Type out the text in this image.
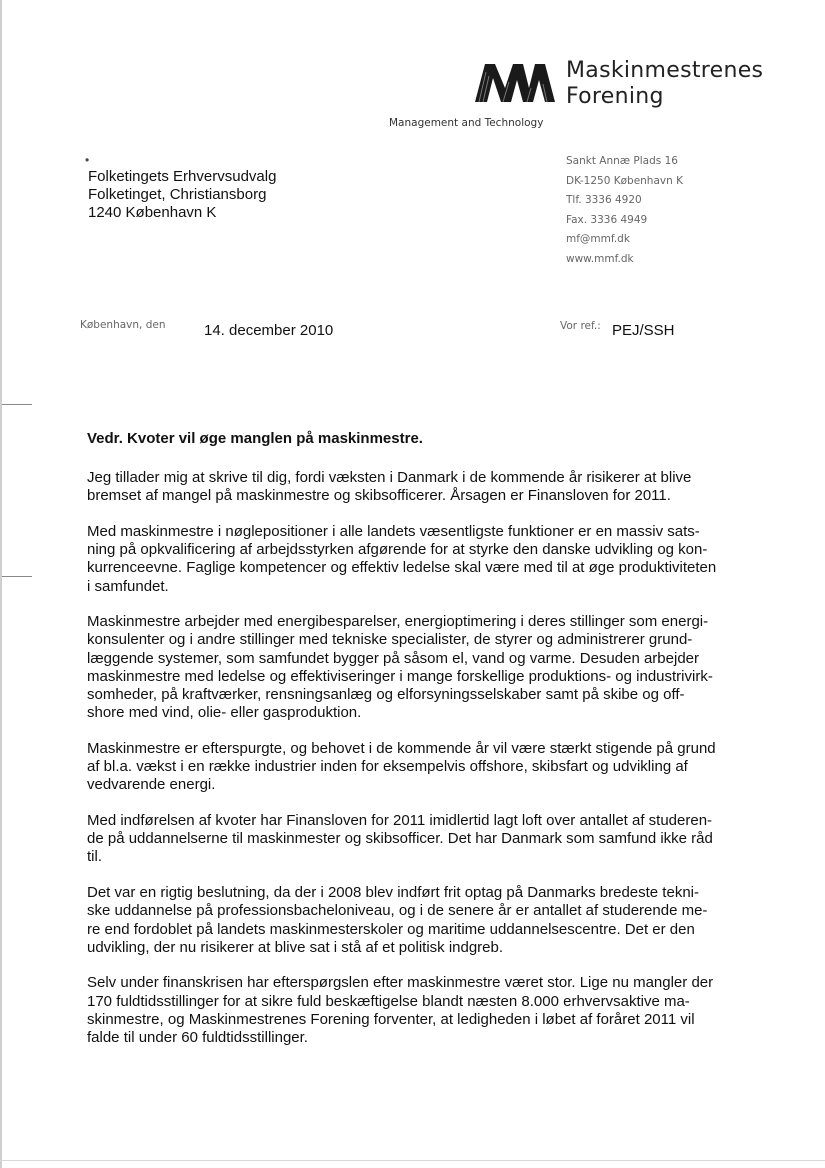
Maskinmestrenes
Forening
Management and Technology
Sankt Annæ Plads 16
DK-1250 København K
Tlf. 3336 4920
Fax. 3336 4949
mf@mmf.dk
www.mmf.dk
•
Folketingets Erhvervsudvalg
Folketinget, Christiansborg
1240 København K
København, den	14. december 2010	Vor ref.: PEJ/SSH
Vedr. Kvoter vil øge manglen på maskinmestre.
Jeg tillader mig at skrive til dig, fordi væksten i Danmark i de kommende år risikerer at blive
bremset af mangel på maskinmestre og skibsofficerer. Årsagen er Finansloven for 2011.
Med maskinmestre i nøglepositioner i alle landets væsentligste funktioner er en massiv sats-
ning på opkvalificering af arbejdsstyrken afgørende for at styrke den danske udvikling og kon-
kurrenceevne. Faglige kompetencer og effektiv ledelse skal være med til at øge produktiviteten
i samfundet.
Maskinmestre arbejder med energibesparelser, energioptimering i deres stillinger som energi-
konsulenter og i andre stillinger med tekniske specialister, de styrer og administrerer grund-
læggende systemer, som samfundet bygger på såsom el, vand og varme. Desuden arbejder
maskinmestre med ledelse og effektiviseringer i mange forskellige produktions- og industrivirk-
somheder, på kraftværker, rensningsanlæg og elforsyningsselskaber samt på skibe og off-
shore med vind, olie- eller gasproduktion.
Maskinmestre er efterspurgte, og behovet i de kommende år vil være stærkt stigende på grund
af bl.a. vækst i en række industrier inden for eksempelvis offshore, skibsfart og udvikling af
vedvarende energi.
Med indførelsen af kvoter har Finansloven for 2011 imidlertid lagt loft over antallet af studeren-
de på uddannelserne til maskinmester og skibsofficer. Det har Danmark som samfund ikke råd
til.
Det var en rigtig beslutning, da der i 2008 blev indført frit optag på Danmarks bredeste tekni-
ske uddannelse på professionsbacheloniveau, og i de senere år er antallet af studerende me-
re end fordoblet på landets maskinmesterskoler og maritime uddannelsescentre. Det er den
udvikling, der nu risikerer at blive sat i stå af et politisk indgreb.
Selv under finanskrisen har efterspørgslen efter maskinmestre været stor. Lige nu mangler der
170 fuldtidsstillinger for at sikre fuld beskæftigelse blandt næsten 8.000 erhvervsaktive ma-
skinmestre, og Maskinmestrenes Forening forventer, at ledigheden i løbet af foråret 2011 vil
falde til under 60 fuldtidsstillinger.
